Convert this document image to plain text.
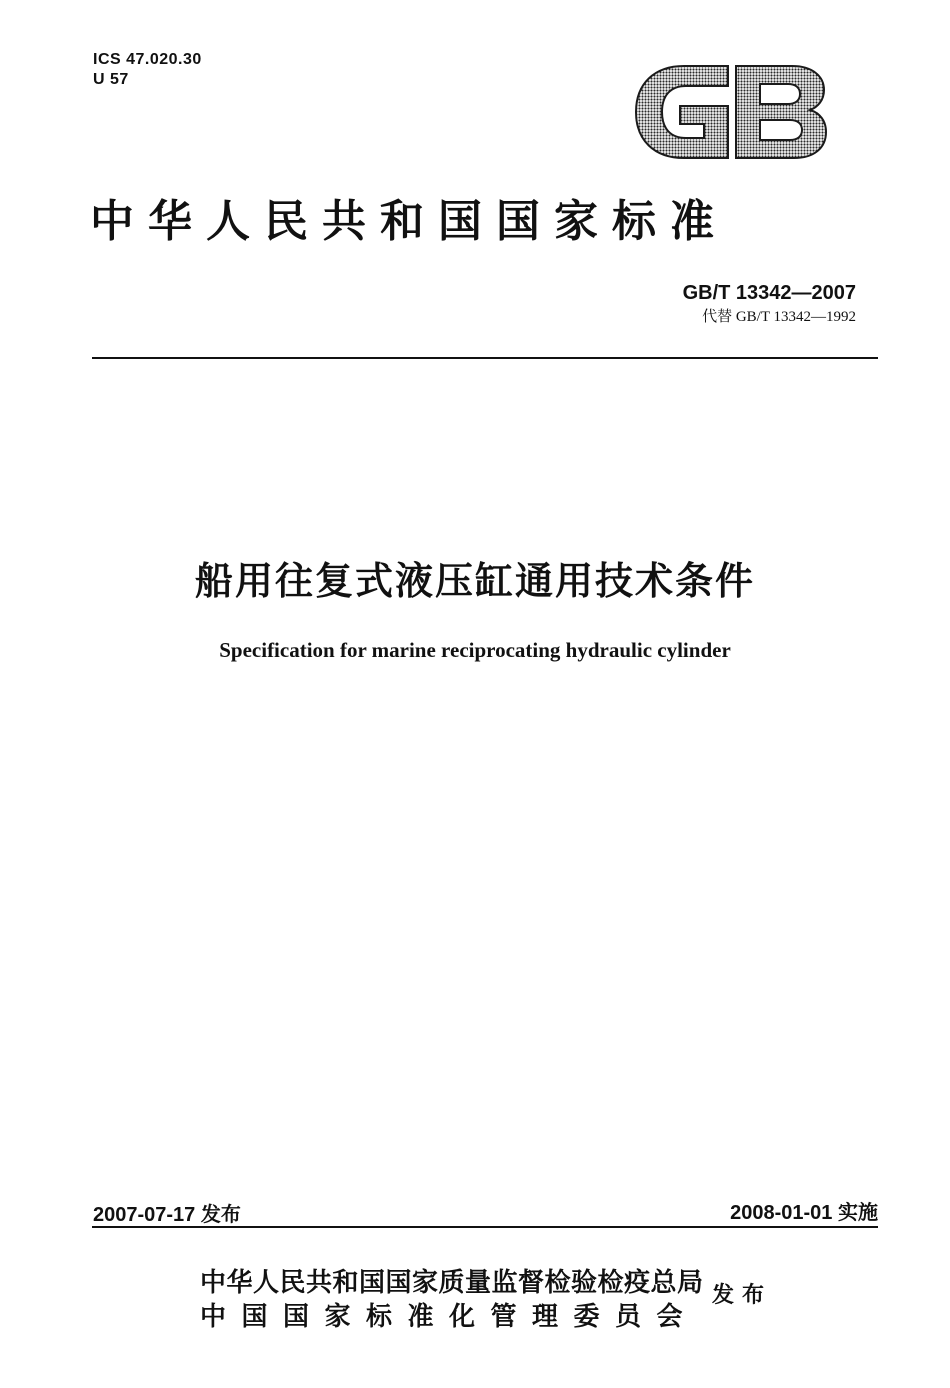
ICS 47.020.30
U 57
中华人民共和国国家标准
GB/T 13342—2007
代替 GB/T 13342—1992
船用往复式液压缸通用技术条件
Specification for marine reciprocating hydraulic cylinder
2007-07-17 发布	2008-01-01 实施
中华人民共和国国家质量监督检验检疫总局
中国国家标准化管理委员会
发布
